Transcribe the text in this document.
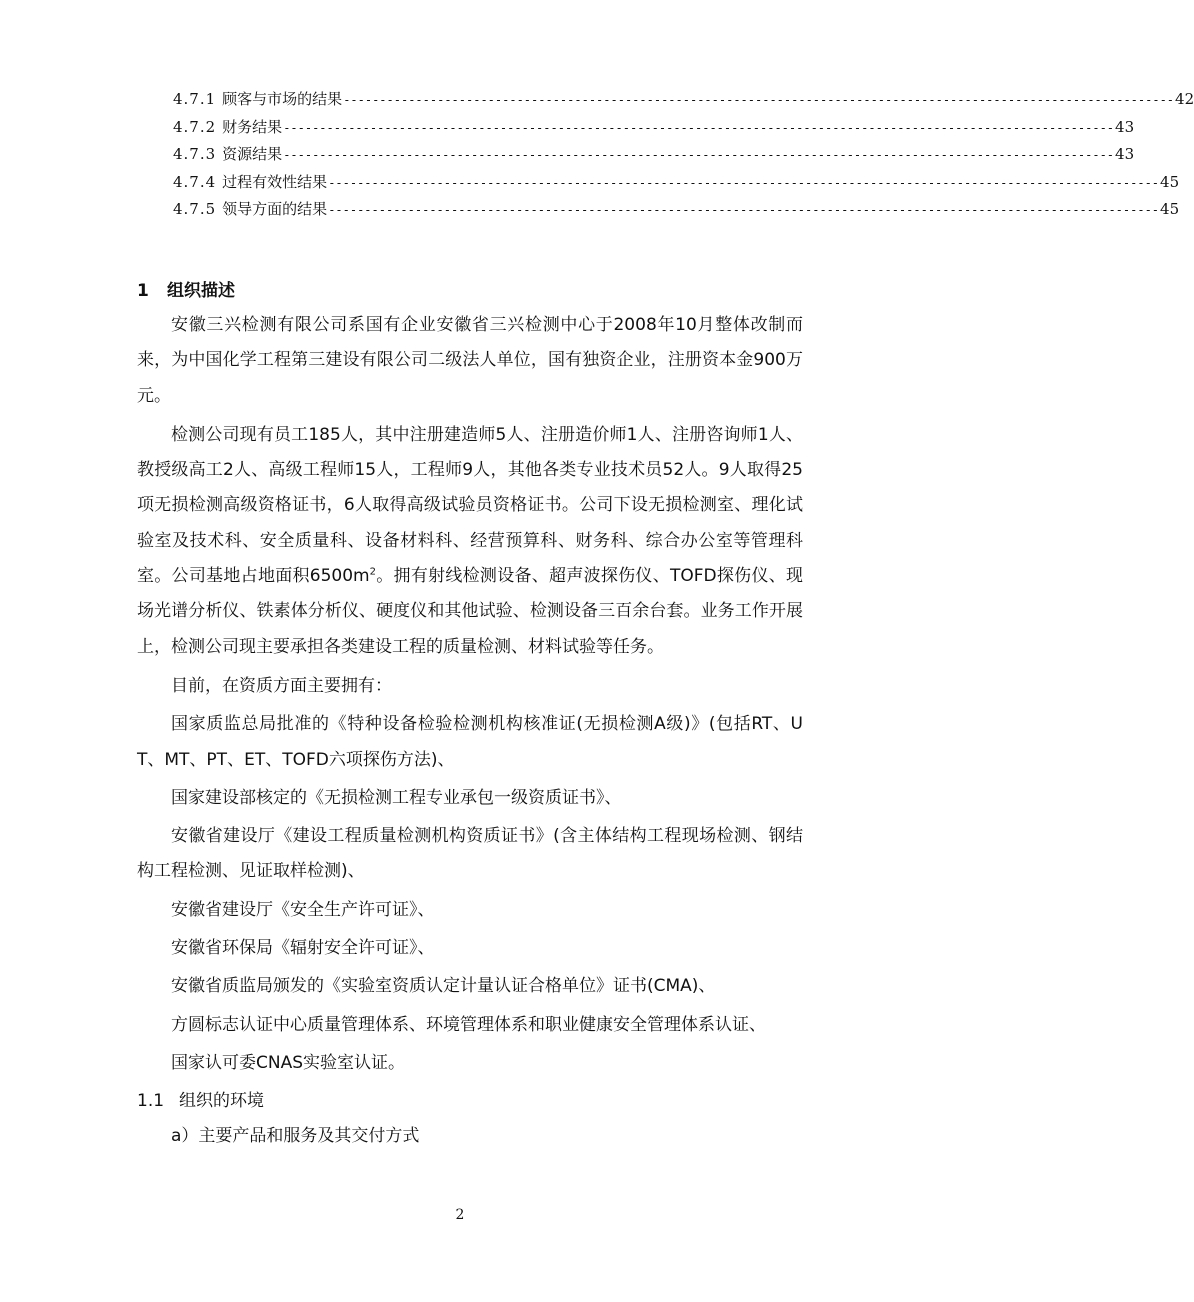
4.7.1 顾客与市场的结果 ------------------------------------------------------------------------------------------------------------------- 42
4.7.2 财务结果 ------------------------------------------------------------------------------------------------------------------- 43
4.7.3 资源结果 ------------------------------------------------------------------------------------------------------------------- 43
4.7.4 过程有效性结果 ------------------------------------------------------------------------------------------------------------------- 45
4.7.5 领导方面的结果 ------------------------------------------------------------------------------------------------------------------- 45
1	组织描述

安徽三兴检测有限公司系国有企业安徽省三兴检测中心于2008年10月整体改制而来，为中国化学工程第三建设有限公司二级法人单位，国有独资企业，注册资本金900万元。

检测公司现有员工185人，其中注册建造师5人、注册造价师1人、注册咨询师1人、教授级高工2人、高级工程师15人，工程师9人，其他各类专业技术员52人。9人取得25项无损检测高级资格证书，6人取得高级试验员资格证书。公司下设无损检测室、理化试验室及技术科、安全质量科、设备材料科、经营预算科、财务科、综合办公室等管理科室。公司基地占地面积$6500m^2$。拥有射线检测设备、超声波探伤仪、TOFD探伤仪、现场光谱分析仪、铁素体分析仪、硬度仪和其他试验、检测设备三百余台套。业务工作开展上，检测公司现主要承担各类建设工程的质量检测、材料试验等任务。

目前，在资质方面主要拥有：

国家质监总局批准的《特种设备检验检测机构核准证(无损检测A级)》(包括RT、UT、MT、PT、ET、TOFD六项探伤方法)、

国家建设部核定的《无损检测工程专业承包一级资质证书》、

安徽省建设厅《建设工程质量检测机构资质证书》(含主体结构工程现场检测、钢结构工程检测、见证取样检测)、

安徽省建设厅《安全生产许可证》、

安徽省环保局《辐射安全许可证》、

安徽省质监局颁发的《实验室资质认定计量认证合格单位》证书(CMA)、

方圆标志认证中心质量管理体系、环境管理体系和职业健康安全管理体系认证、

国家认可委CNAS实验室认证。

1.1 组织的环境
a）主要产品和服务及其交付方式
2
